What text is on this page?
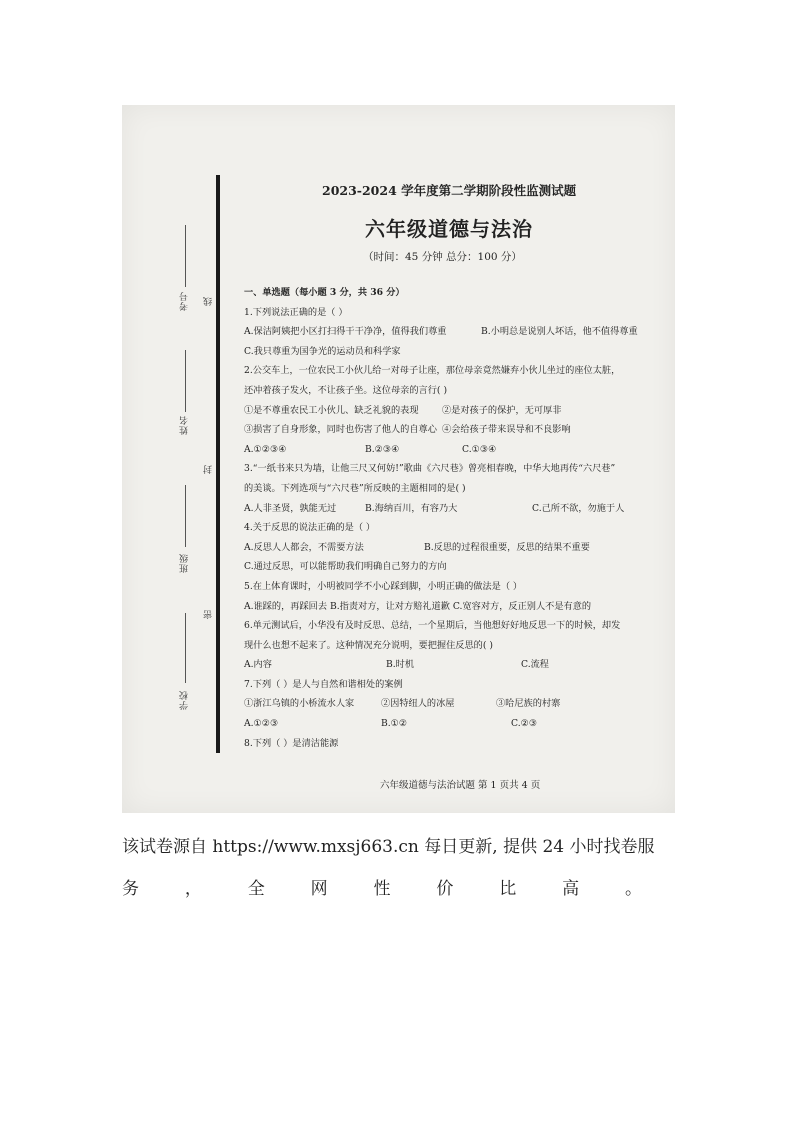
考号 线
姓名
封
班级
密
学校
2023-2024 学年度第二学期阶段性监测试题
六年级道德与法治
（时间：45 分钟 总分：100 分）
一、单选题（每小题 3 分，共 36 分）
1.下列说法正确的是（ ）
A.保洁阿姨把小区打扫得干干净净，值得我们尊重	B.小明总是说别人坏话，他不值得尊重
C.我只尊重为国争光的运动员和科学家
2.公交车上，一位农民工小伙儿给一对母子让座，那位母亲竟然嫌弃小伙儿坐过的座位太脏，
还冲着孩子发火，不让孩子坐。这位母亲的言行( )
①是不尊重农民工小伙儿、缺乏礼貌的表现	②是对孩子的保护，无可厚非
③损害了自身形象，同时也伤害了他人的自尊心 ④会给孩子带来误导和不良影响
A.①②③④	B.②③④	C.①③④
3.“一纸书来只为墙，让他三尺又何妨!”歌曲《六尺巷》曾亮相春晚，中华大地再传“六尺巷”
的美谈。下列选项与“六尺巷”所反映的主题相同的是( )
A.人非圣贤，孰能无过	B.海纳百川，有容乃大	C.己所不欲，勿施于人
4.关于反思的说法正确的是（ ）
A.反思人人都会，不需要方法	B.反思的过程很重要，反思的结果不重要
C.通过反思，可以能帮助我们明确自己努力的方向
5.在上体育课时，小明被同学不小心踩到脚，小明正确的做法是（ ）
A.谁踩的，再踩回去 B.指责对方，让对方赔礼道歉 C.宽容对方，反正别人不是有意的
6.单元测试后，小华没有及时反思、总结，一个星期后，当他想好好地反思一下的时候，却发
现什么也想不起来了。这种情况充分说明，要把握住反思的( )
A.内容	B.时机	C.流程
7.下列（ ）是人与自然和谐相处的案例
①浙江乌镇的小桥流水人家	②因特纽人的冰屋	③哈尼族的村寨
A.①②③	B.①②	C.②③
8.下列（ ）是清洁能源
六年级道德与法治试题 第 1 页共 4 页
该试卷源自 https://www.mxsj663.cn 每日更新, 提供 24 小时找卷服
务	，	全	网	性	价	比	高	。
